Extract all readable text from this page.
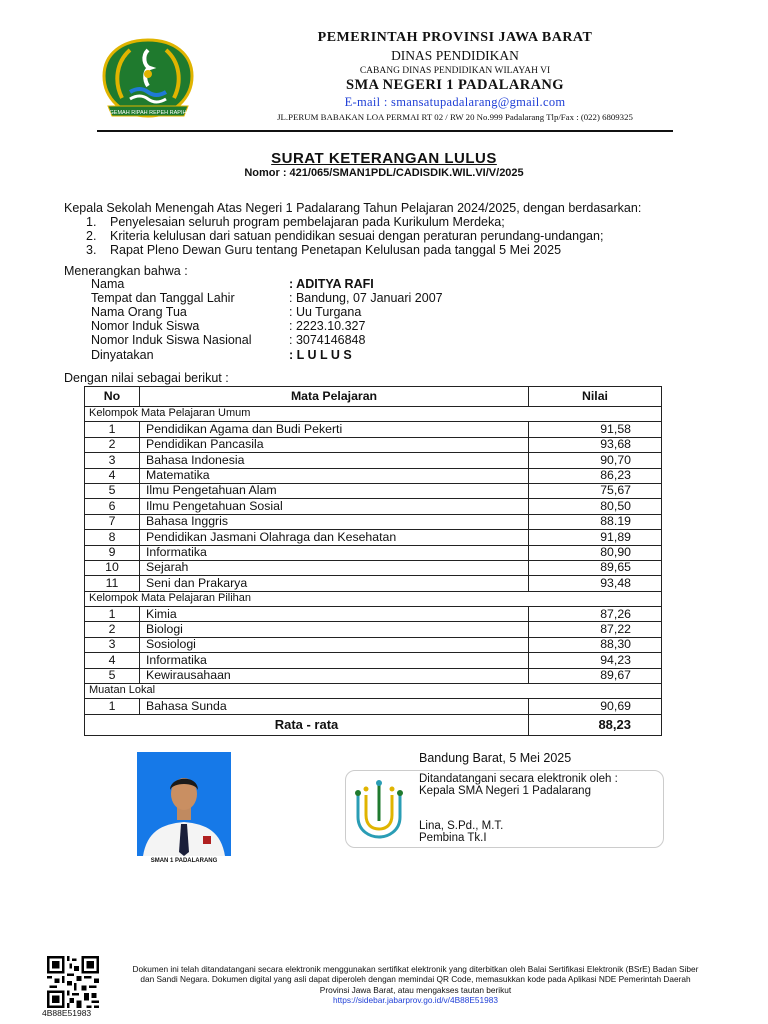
GEMAH RIPAH REPEH RAPIH
PEMERINTAH PROVINSI JAWA BARAT
DINAS PENDIDIKAN
CABANG DINAS PENDIDIKAN WILAYAH VI
SMA NEGERI 1 PADALARANG
E-mail : smansatupadalarang@gmail.com
JL.PERUM BABAKAN LOA PERMAI RT 02 / RW 20 No.999 Padalarang Tlp/Fax : (022) 6809325
SURAT KETERANGAN LULUS
Nomor : 421/065/SMAN1PDL/CADISDIK.WIL.VI/V/2025
Kepala Sekolah Menengah Atas Negeri 1 Padalarang Tahun Pelajaran 2024/2025, dengan berdasarkan:
1. Penyelesaian seluruh program pembelajaran pada Kurikulum Merdeka;
2. Kriteria kelulusan dari satuan pendidikan sesuai dengan peraturan perundang-undangan;
3. Rapat Pleno Dewan Guru tentang Penetapan Kelulusan pada tanggal 5 Mei 2025
Menerangkan bahwa :
Nama	: ADITYA RAFI
Tempat dan Tanggal Lahir	: Bandung, 07 Januari 2007
Nama Orang Tua	: Uu Turgana
Nomor Induk Siswa	: 2223.10.327
Nomor Induk Siswa Nasional	: 3074146848
Dinyatakan	: L U L U S
Dengan nilai sebagai berikut :
No	Mata Pelajaran	Nilai
Kelompok Mata Pelajaran Umum		
1	Pendidikan Agama dan Budi Pekerti	91,58
2	Pendidikan Pancasila	93,68
3	Bahasa Indonesia	90,70
4	Matematika	86,23
5	Ilmu Pengetahuan Alam	75,67
6	Ilmu Pengetahuan Sosial	80,50
7	Bahasa Inggris	88.19
8	Pendidikan Jasmani Olahraga dan Kesehatan	91,89
9	Informatika	80,90
10	Sejarah	89,65
11	Seni dan Prakarya	93,48
Kelompok Mata Pelajaran Pilihan		
1	Kimia	87,26
2	Biologi	87,22
3	Sosiologi	88,30
4	Informatika	94,23
5	Kewirausahaan	89,67
Muatan Lokal		
1	Bahasa Sunda	90,69
Rata - rata		88,23
Bandung Barat, 5 Mei 2025
SMAN 1 PADALARANG
Ditandatangani secara elektronik oleh :
Kepala SMA Negeri 1 Padalarang
Lina, S.Pd., M.T.
Pembina Tk.I
4B88E51983
Dokumen ini telah ditandatangani secara elektronik menggunakan sertifikat elektronik yang diterbitkan oleh Balai Sertifikasi Elektronik (BSrE) Badan Siber dan Sandi Negara. Dokumen digital yang asli dapat diperoleh dengan memindai QR Code, memasukkan kode pada Aplikasi NDE Pemerintah Daerah Provinsi Jawa Barat, atau mengakses tautan berikut
https://sidebar.jabarprov.go.id/v/4B88E51983
